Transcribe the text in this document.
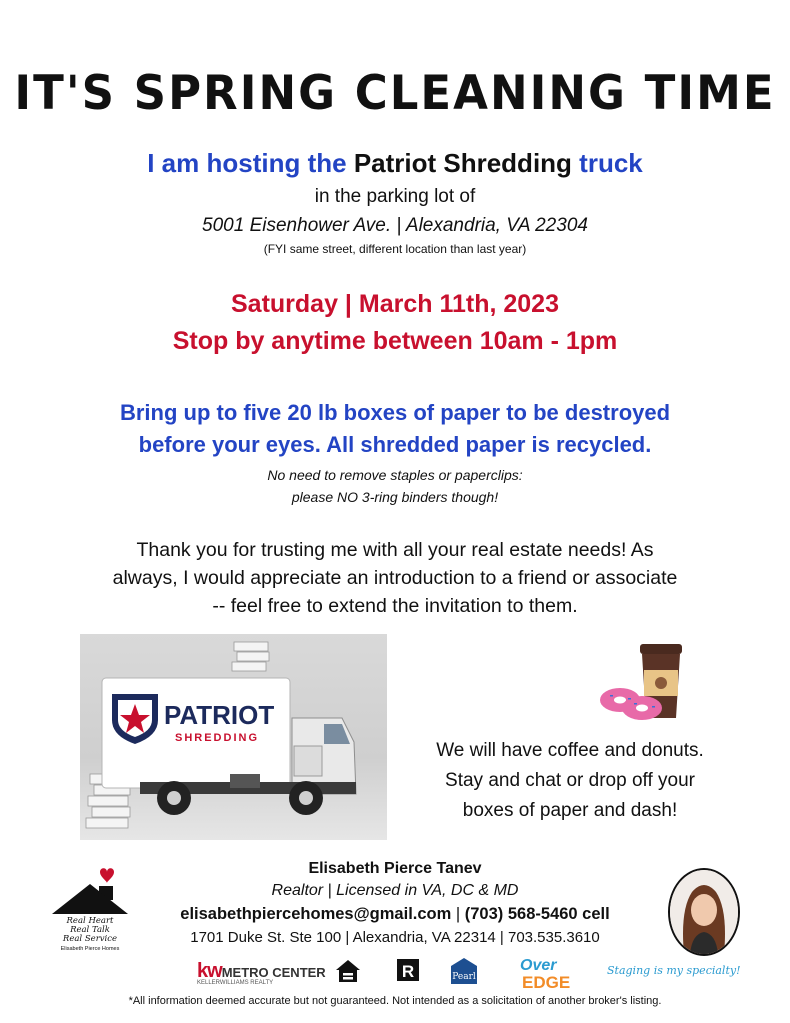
IT'S SPRING CLEANING TIME
I am hosting the Patriot Shredding truck
in the parking lot of
5001 Eisenhower Ave. | Alexandria, VA 22304
(FYI same street, different location than last year)
Saturday | March 11th, 2023
Stop by anytime between 10am - 1pm
Bring up to five 20 lb boxes of paper to be destroyed
before your eyes. All shredded paper is recycled.
No need to remove staples or paperclips:
please NO 3-ring binders though!
Thank you for trusting me with all your real estate needs! As
always, I would appreciate an introduction to a friend or associate
-- feel free to extend the invitation to them.
PATRIOT
SHREDDING
We will have coffee and donuts.
Stay and chat or drop off your
boxes of paper and dash!
Real Heart
Real Talk
Real Service
Elisabeth Pierce Homes
Elisabeth Pierce Tanev
Realtor | Licensed in VA, DC & MD
elisabethpiercehomes@gmail.com | (703) 568-5460 cell
1701 Duke St. Ste 100 | Alexandria, VA 22314 | 703.535.3610
kwMETRO CENTER
KELLERWILLIAMS REALTY
R	Pearl
Over
EDGE
Staging is my specialty!
*All information deemed accurate but not guaranteed. Not intended as a solicitation of another broker's listing.
